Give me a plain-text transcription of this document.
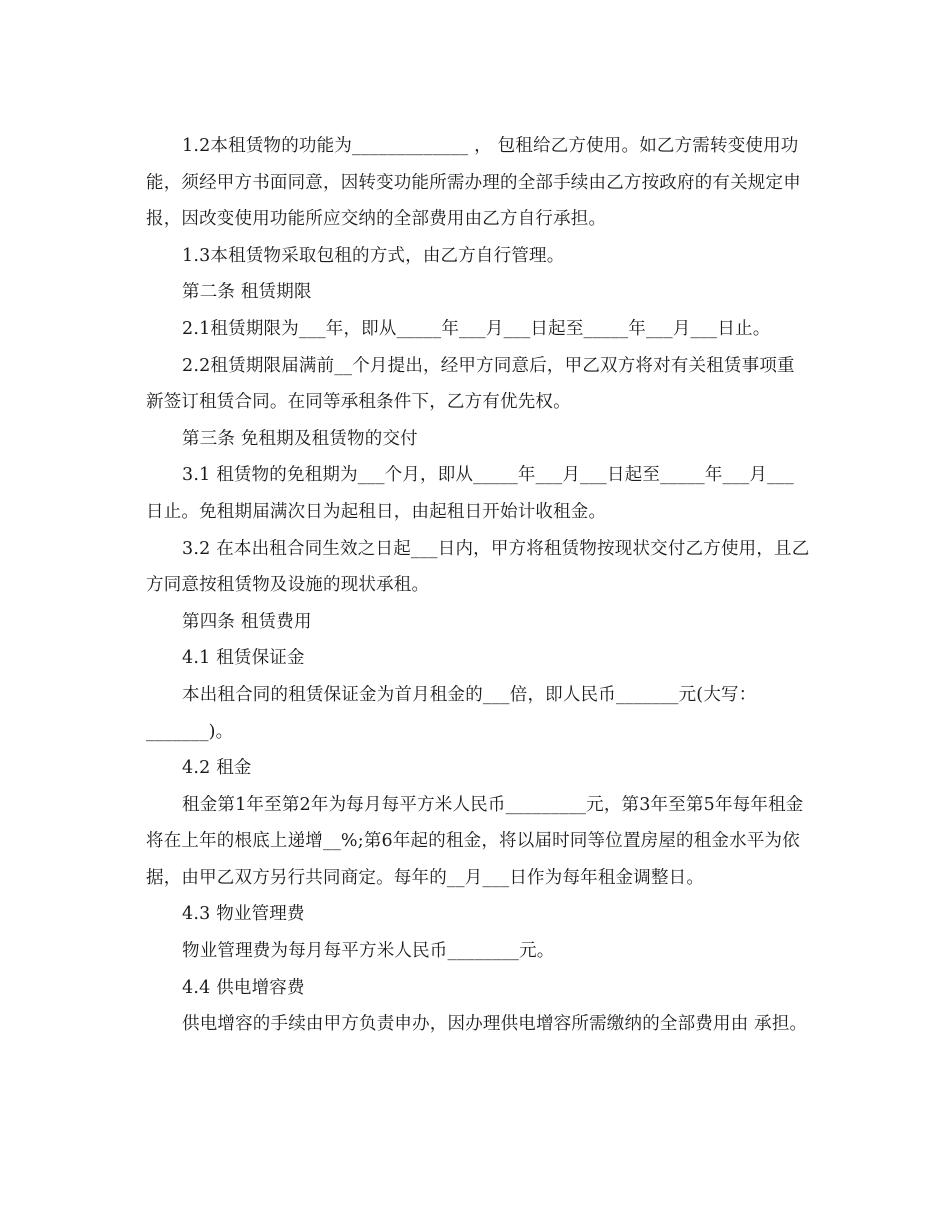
1.2本租赁物的功能为_____________ ， 包租给乙方使用。如乙方需转变使用功能，须经甲方书面同意，因转变功能所需办理的全部手续由乙方按政府的有关规定申报，因改变使用功能所应交纳的全部费用由乙方自行承担。

1.3本租赁物采取包租的方式，由乙方自行管理。

第二条 租赁期限

2.1租赁期限为___年，即从_____年___月___日起至_____年___月___日止。

2.2租赁期限届满前__个月提出，经甲方同意后，甲乙双方将对有关租赁事项重新签订租赁合同。在同等承租条件下，乙方有优先权。

第三条 免租期及租赁物的交付

3.1 租赁物的免租期为___个月，即从_____年___月___日起至_____年___月___日止。免租期届满次日为起租日，由起租日开始计收租金。

3.2 在本出租合同生效之日起___日内，甲方将租赁物按现状交付乙方使用，且乙方同意按租赁物及设施的现状承租。

第四条 租赁费用

4.1 租赁保证金

本出租合同的租赁保证金为首月租金的___倍，即人民币_______元(大写：_______)。

4.2 租金

租金第1年至第2年为每月每平方米人民币_________元，第3年至第5年每年租金将在上年的根底上递增__%;第6年起的租金，将以届时同等位置房屋的租金水平为依据，由甲乙双方另行共同商定。每年的__月___日作为每年租金调整日。

4.3 物业管理费

物业管理费为每月每平方米人民币________元。

4.4 供电增容费

供电增容的手续由甲方负责申办，因办理供电增容所需缴纳的全部费用由 承担。
